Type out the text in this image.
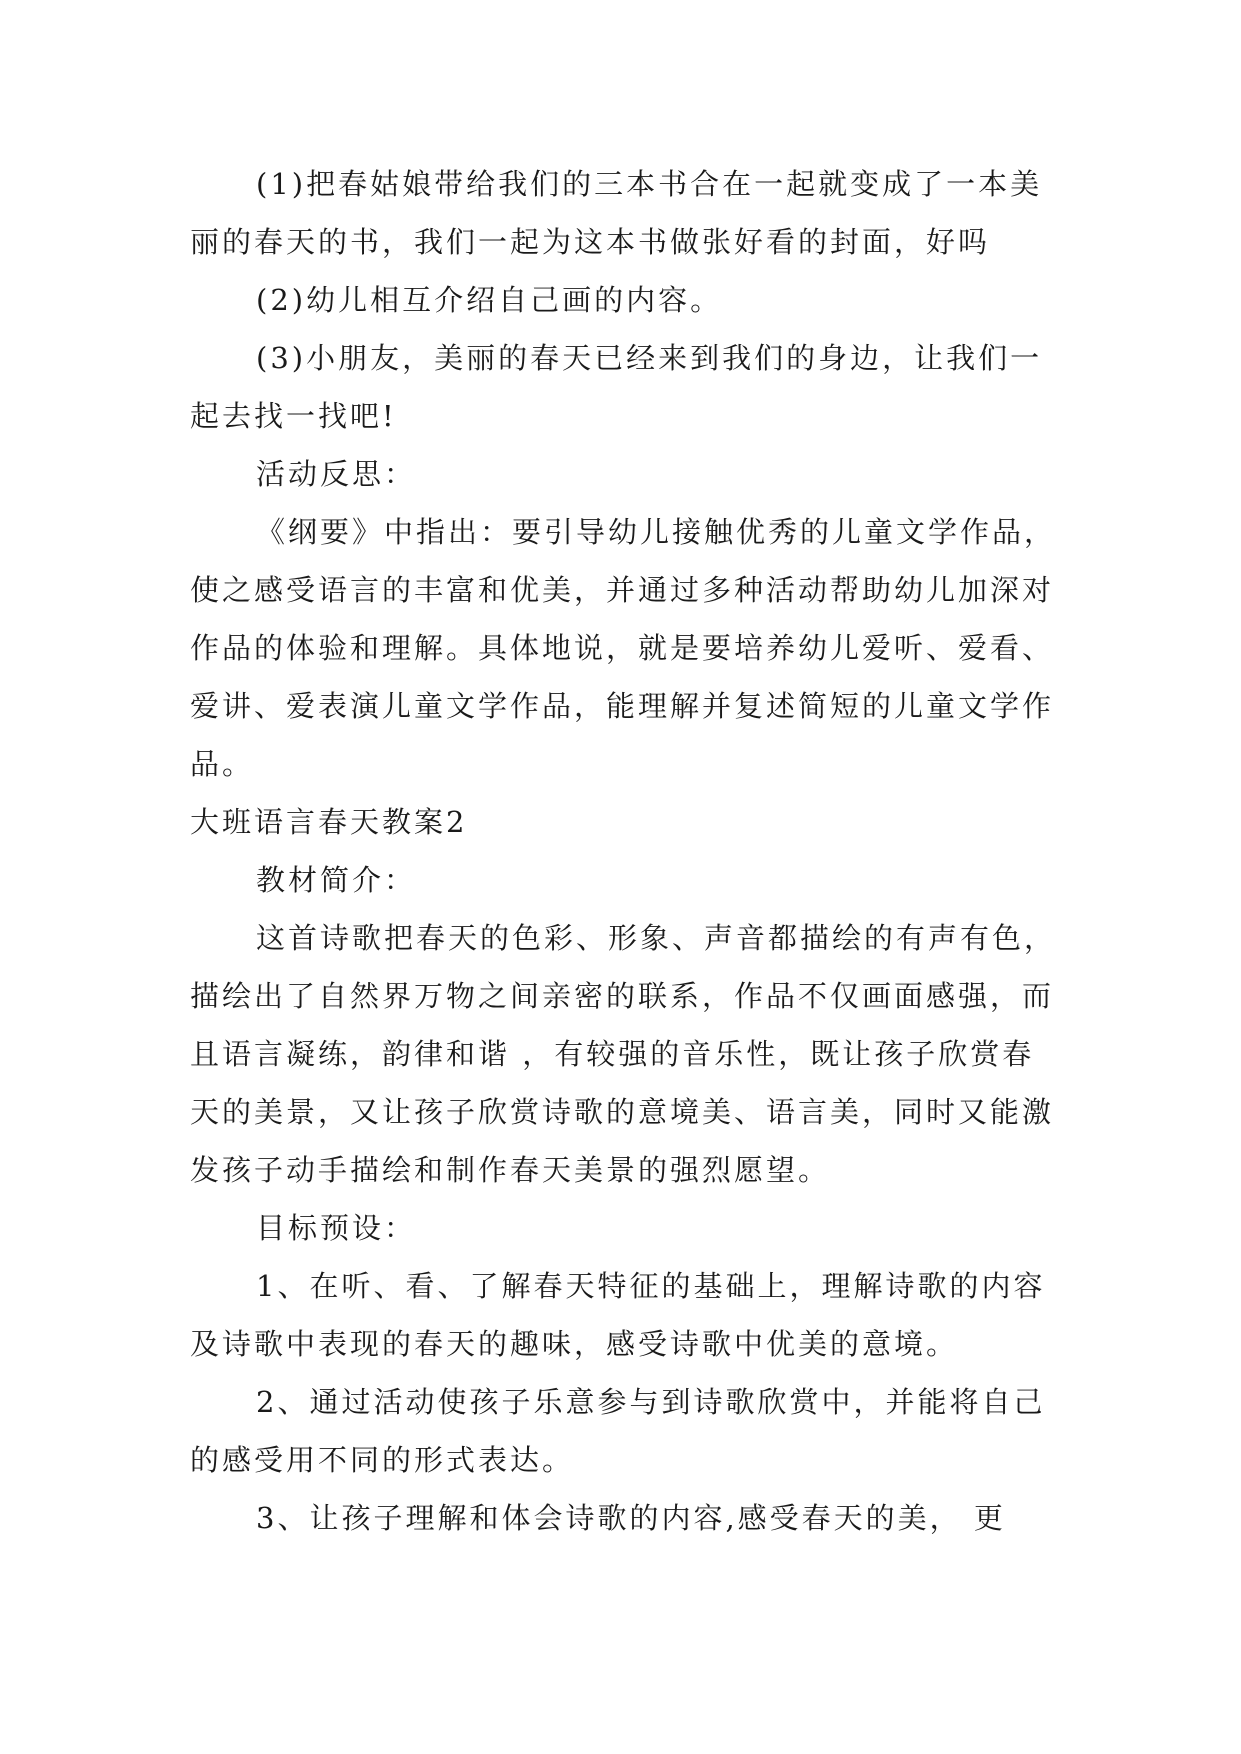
(1)把春姑娘带给我们的三本书合在一起就变成了一本美丽的春天的书，我们一起为这本书做张好看的封面，好吗

(2)幼儿相互介绍自己画的内容。

(3)小朋友，美丽的春天已经来到我们的身边，让我们一起去找一找吧!

活动反思：

《纲要》中指出：要引导幼儿接触优秀的儿童文学作品，使之感受语言的丰富和优美，并通过多种活动帮助幼儿加深对作品的体验和理解。具体地说，就是要培养幼儿爱听、爱看、爱讲、爱表演儿童文学作品，能理解并复述简短的儿童文学作品。

大班语言春天教案2

教材简介：

这首诗歌把春天的色彩、形象、声音都描绘的有声有色，描绘出了自然界万物之间亲密的联系，作品不仅画面感强，而且语言凝练，韵律和谐 ，有较强的音乐性，既让孩子欣赏春天的美景，又让孩子欣赏诗歌的意境美、语言美，同时又能激发孩子动手描绘和制作春天美景的强烈愿望。

目标预设：

1、在听、看、了解春天特征的基础上，理解诗歌的内容及诗歌中表现的春天的趣味，感受诗歌中优美的意境。

2、通过活动使孩子乐意参与到诗歌欣赏中，并能将自己的感受用不同的形式表达。

3、让孩子理解和体会诗歌的内容,感受春天的美， 更
